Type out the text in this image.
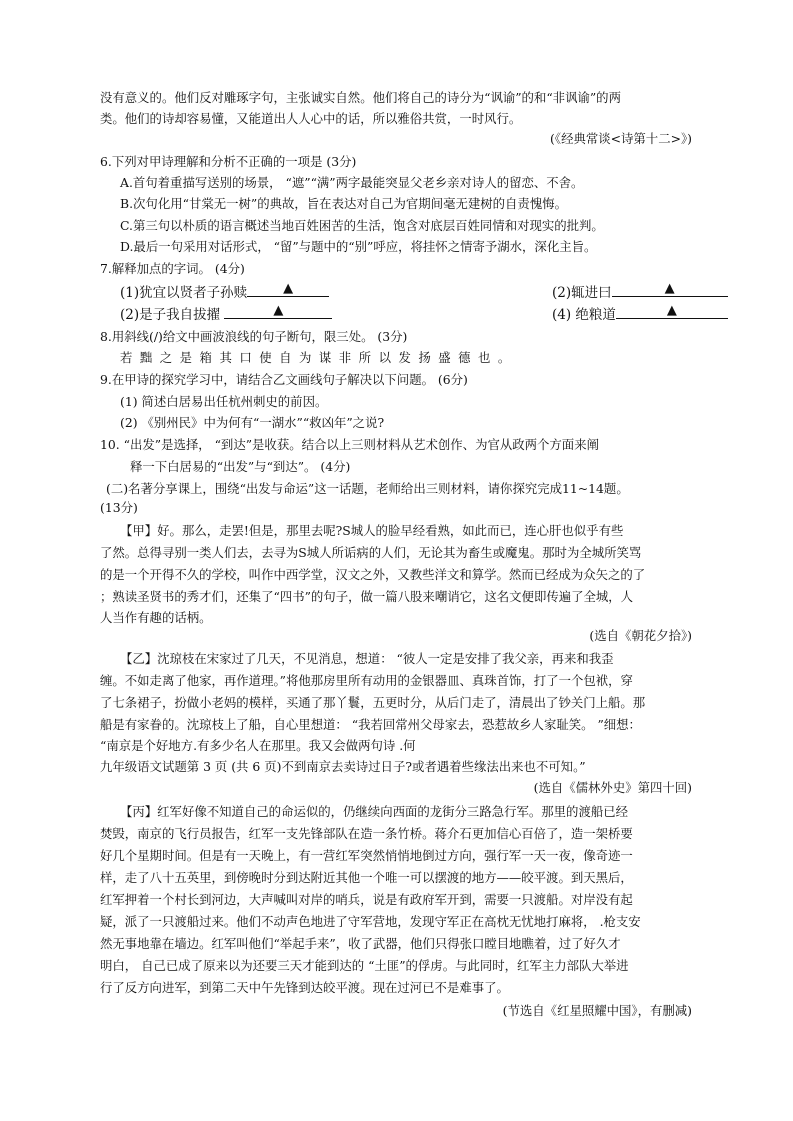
没有意义的。他们反对雕琢字句，主张诚实自然。他们将自己的诗分为“讽谕”的和“非讽谕”的两
类。他们的诗却容易懂，又能道出人人心中的话，所以雅俗共赏，一时风行。
(《经典常谈<诗第十二>》)
6.下列对甲诗理解和分析不正确的一项是 (3分)
A.首句着重描写送别的场景， “遮”“满”两字最能突显父老乡亲对诗人的留恋、不舍。
B.次句化用“甘棠无一树”的典故，旨在表达对自己为官期间毫无建树的自责愧悔。
C.第三句以朴质的语言概述当地百姓困苦的生活，饱含对底层百姓同情和对现实的批判。
D.最后一句采用对话形式， “留”与题中的“别”呼应，将挂怀之情寄予湖水，深化主旨。
7.解释加点的字词。 (4分)
(1)犹宜以贤者子孙赎	▲	(2)辄进曰	▲
(2)是子我自拔擢	▲	(4) 绝粮道	▲
8.用斜线(/)给文中画波浪线的句子断句，限三处。 (3分)
若黜之是箱其口使自为谋非所以发扬盛德也。
9.在甲诗的探究学习中，请结合乙文画线句子解决以下问题。 (6分)
(1) 简述白居易出任杭州刺史的前因。
(2) 《别州民》中为何有“一湖水”“救凶年”之说?
10. “出发”是选择， “到达”是收获。结合以上三则材料从艺术创作、为官从政两个方面来阐
释一下白居易的“出发”与“到达”。 (4分)
(二)名著分享课上，围绕“出发与命运”这一话题，老师给出三则材料，请你探究完成11~14题。
(13分)
【甲】好。那么，走罢!但是，那里去呢?S城人的脸早经看熟，如此而已，连心肝也似乎有些
了然。总得寻别一类人们去，去寻为S城人所诟病的人们，无论其为畜生或魔鬼。那时为全城所笑骂
的是一个开得不久的学校，叫作中西学堂，汉文之外，又教些洋文和算学。然而已经成为众矢之的了
；熟读圣贤书的秀才们，还集了“四书”的句子，做一篇八股来嘲诮它，这名文便即传遍了全城，人
人当作有趣的话柄。
(选自《朝花夕拾》)
【乙】沈琼枝在宋家过了几天，不见消息，想道： “彼人一定是安排了我父亲，再来和我歪
缠。不如走离了他家，再作道理。”将他那房里所有动用的金银器皿、真珠首饰，打了一个包袱，穿
了七条裙子，扮做小老妈的模样，买通了那丫鬟，五更时分，从后门走了，清晨出了钞关门上船。那
船是有家眷的。沈琼枝上了船，自心里想道： “我若回常州父母家去，恐惹故乡人家耻笑。 ”细想：
“南京是个好地方.有多少名人在那里。我又会做两句诗 .何
九年级语文试题第 3 页 (共 6 页)不到南京去卖诗过日子?或者遇着些缘法出来也不可知。”
(选自《儒林外史》第四十回)
【丙】红军好像不知道自己的命运似的，仍继续向西面的龙街分三路急行军。那里的渡船已经
焚毁，南京的飞行员报告，红军一支先锋部队在造一条竹桥。蒋介石更加信心百倍了，造一架桥要
好几个星期时间。但是有一天晚上，有一营红军突然悄悄地倒过方向，强行军一天一夜，像奇迹一
样，走了八十五英里，到傍晚时分到达附近其他一个唯一可以摆渡的地方——皎平渡。到天黑后，
红军押着一个村长到河边，大声喊叫对岸的哨兵，说是有政府军开到，需要一只渡船。对岸没有起
疑，派了一只渡船过来。他们不动声色地进了守军营地，发现守军正在高枕无忧地打麻将， .枪支安
然无事地靠在墙边。红军叫他们“举起手来”，收了武器，他们只得张口瞠目地瞧着，过了好久才
明白， 自己已成了原来以为还要三天才能到达的 “土匪”的俘虏。与此同时，红军主力部队大举进
行了反方向进军，到第二天中午先锋到达皎平渡。现在过河已不是难事了。
(节选自《红星照耀中国》，有删减)
